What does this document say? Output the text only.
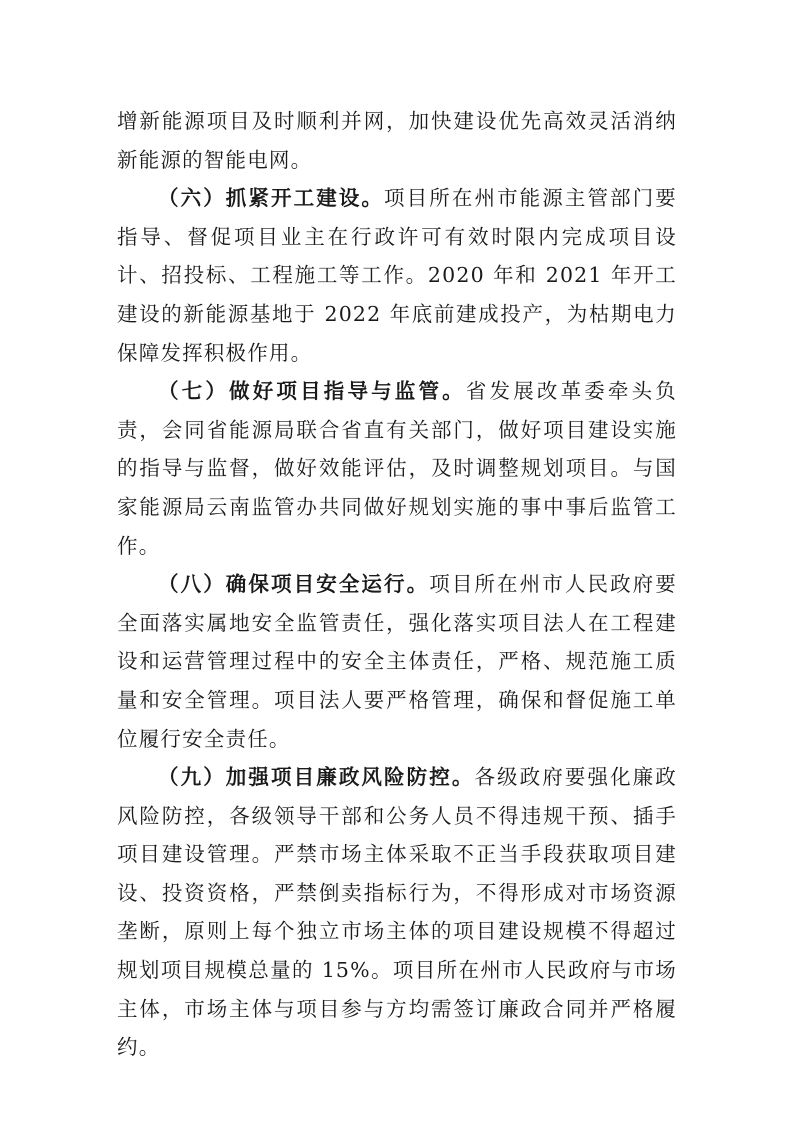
增新能源项目及时顺利并网，加快建设优先高效灵活消纳新能源的智能电网。

（六）抓紧开工建设。项目所在州市能源主管部门要指导、督促项目业主在行政许可有效时限内完成项目设计、招投标、工程施工等工作。2020 年和 2021 年开工建设的新能源基地于 2022 年底前建成投产，为枯期电力保障发挥积极作用。

（七）做好项目指导与监管。省发展改革委牵头负责，会同省能源局联合省直有关部门，做好项目建设实施的指导与监督，做好效能评估，及时调整规划项目。与国家能源局云南监管办共同做好规划实施的事中事后监管工作。

（八）确保项目安全运行。项目所在州市人民政府要全面落实属地安全监管责任，强化落实项目法人在工程建设和运营管理过程中的安全主体责任，严格、规范施工质量和安全管理。项目法人要严格管理，确保和督促施工单位履行安全责任。

（九）加强项目廉政风险防控。各级政府要强化廉政风险防控，各级领导干部和公务人员不得违规干预、插手项目建设管理。严禁市场主体采取不正当手段获取项目建设、投资资格，严禁倒卖指标行为，不得形成对市场资源垄断，原则上每个独立市场主体的项目建设规模不得超过规划项目规模总量的 15%。项目所在州市人民政府与市场主体，市场主体与项目参与方均需签订廉政合同并严格履约。
